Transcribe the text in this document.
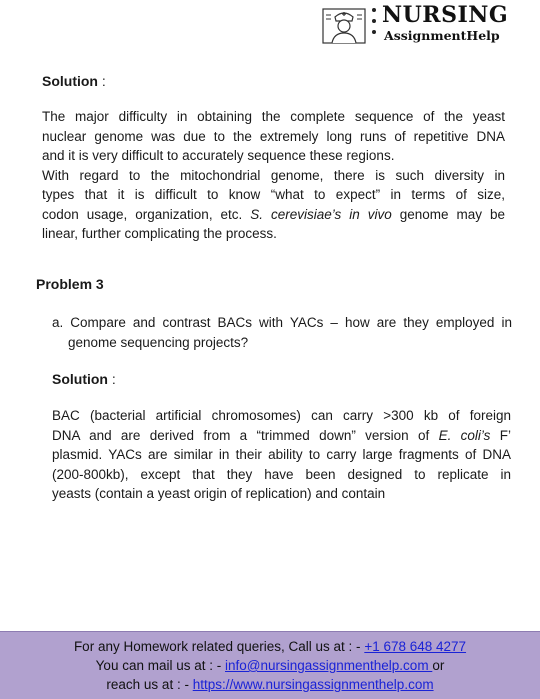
NURSING
AssignmentHelp
Solution :
The major difficulty in obtaining the complete sequence of the yeast
nuclear genome was due to the extremely long runs of repetitive DNA
and it is very difficult to accurately sequence these regions.
With regard to the mitochondrial genome, there is such diversity in
types that it is difficult to know “what to expect” in terms of size,
codon usage, organization, etc. S. cerevisiae’s in vivo genome may be
linear, further complicating the process.
Problem 3
a. Compare and contrast BACs with YACs – how are they employed in
genome sequencing projects?
Solution :
BAC (bacterial artificial chromosomes) can carry >300 kb of foreign
DNA and are derived from a “trimmed down” version of E. coli’s F’
plasmid. YACs are similar in their ability to carry large fragments of DNA
(200-800kb), except that they have been designed to replicate in
yeasts (contain a yeast origin of replication) and contain
For any Homework related queries, Call us at : - +1 678 648 4277
You can mail us at : - info@nursingassignmenthelp.com or
reach us at : - https://www.nursingassignmenthelp.com
